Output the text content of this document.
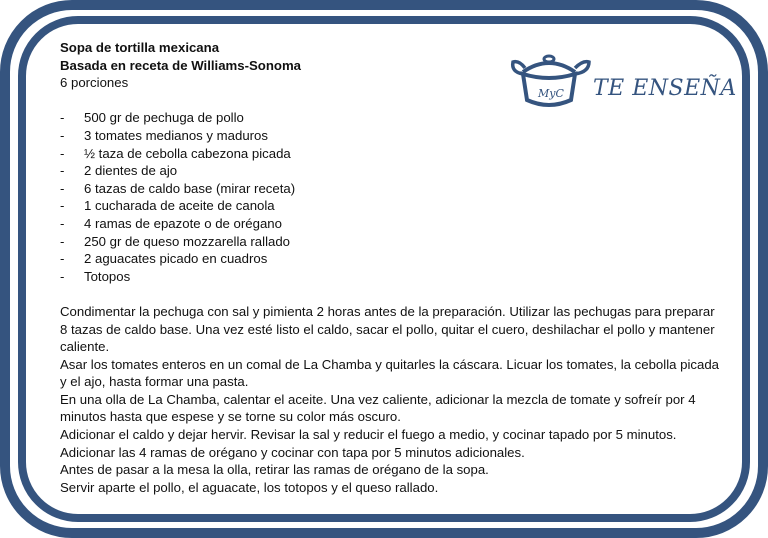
MyC TE ENSEÑA

Sopa de tortilla mexicana

Basada en receta de Williams-Sonoma

6 porciones

-	500 gr de pechuga de pollo
-	3 tomates medianos y maduros
-	½ taza de cebolla cabezona picada
-	2 dientes de ajo
-	6 tazas de caldo base (mirar receta)
-	1 cucharada de aceite de canola
-	4 ramas de epazote o de orégano
-	250 gr de queso mozzarella rallado
-	2 aguacates picado en cuadros
-	Totopos

Condimentar la pechuga con sal y pimienta 2 horas antes de la preparación. Utilizar las pechugas para preparar 8 tazas de caldo base. Una vez esté listo el caldo, sacar el pollo, quitar el cuero, deshilachar el pollo y mantener caliente.

Asar los tomates enteros en un comal de La Chamba y quitarles la cáscara. Licuar los tomates, la cebolla picada y el ajo, hasta formar una pasta.

En una olla de La Chamba, calentar el aceite. Una vez caliente, adicionar la mezcla de tomate y sofreír por 4 minutos hasta que espese y se torne su color más oscuro.

Adicionar el caldo y dejar hervir. Revisar la sal y reducir el fuego a medio, y cocinar tapado por 5 minutos.

Adicionar las 4 ramas de orégano y cocinar con tapa por 5 minutos adicionales.

Antes de pasar a la mesa la olla, retirar las ramas de orégano de la sopa.

Servir aparte el pollo, el aguacate, los totopos y el queso rallado.
